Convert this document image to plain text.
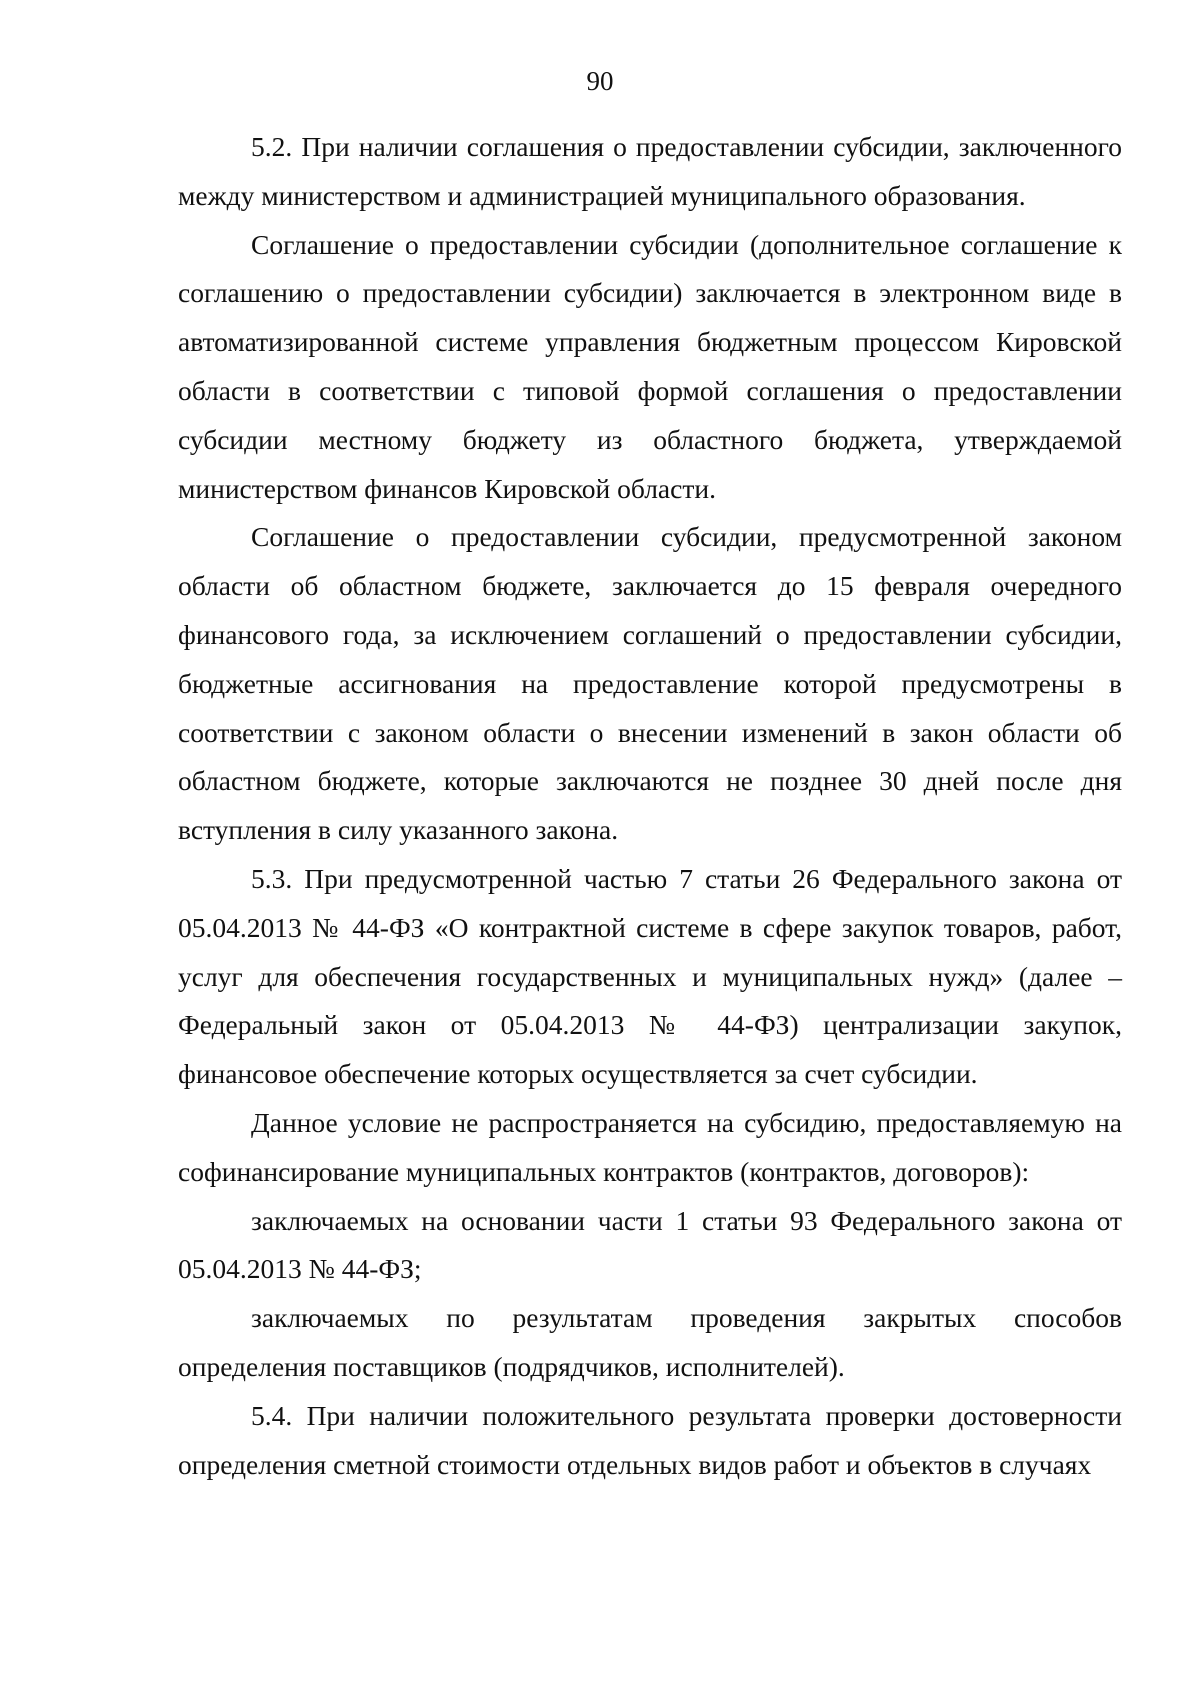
90

5.2. При наличии соглашения о предоставлении субсидии, заключенного между министерством и администрацией муниципального образования.

Соглашение о предоставлении субсидии (дополнительное соглашение к соглашению о предоставлении субсидии) заключается в электронном виде в автоматизированной системе управления бюджетным процессом Кировской области в соответствии с типовой формой соглашения о предоставлении субсидии местному бюджету из областного бюджета, утверждаемой министерством финансов Кировской области.

Соглашение о предоставлении субсидии, предусмотренной законом области об областном бюджете, заключается до 15 февраля очередного финансового года, за исключением соглашений о предоставлении субсидии, бюджетные ассигнования на предоставление которой предусмотрены в соответствии с законом области о внесении изменений в закон области об областном бюджете, которые заключаются не позднее 30 дней после дня вступления в силу указанного закона.

5.3. При предусмотренной частью 7 статьи 26 Федерального закона от 05.04.2013 № 44-ФЗ «О контрактной системе в сфере закупок товаров, работ, услуг для обеспечения государственных и муниципальных нужд» (далее – Федеральный закон от 05.04.2013 № 44-ФЗ) централизации закупок, финансовое обеспечение которых осуществляется за счет субсидии.

Данное условие не распространяется на субсидию, предоставляемую на софинансирование муниципальных контрактов (контрактов, договоров):

заключаемых на основании части 1 статьи 93 Федерального закона от 05.04.2013 № 44-ФЗ;

заключаемых по результатам проведения закрытых способов определения поставщиков (подрядчиков, исполнителей).

5.4. При наличии положительного результата проверки достоверности определения сметной стоимости отдельных видов работ и объектов в случаях
